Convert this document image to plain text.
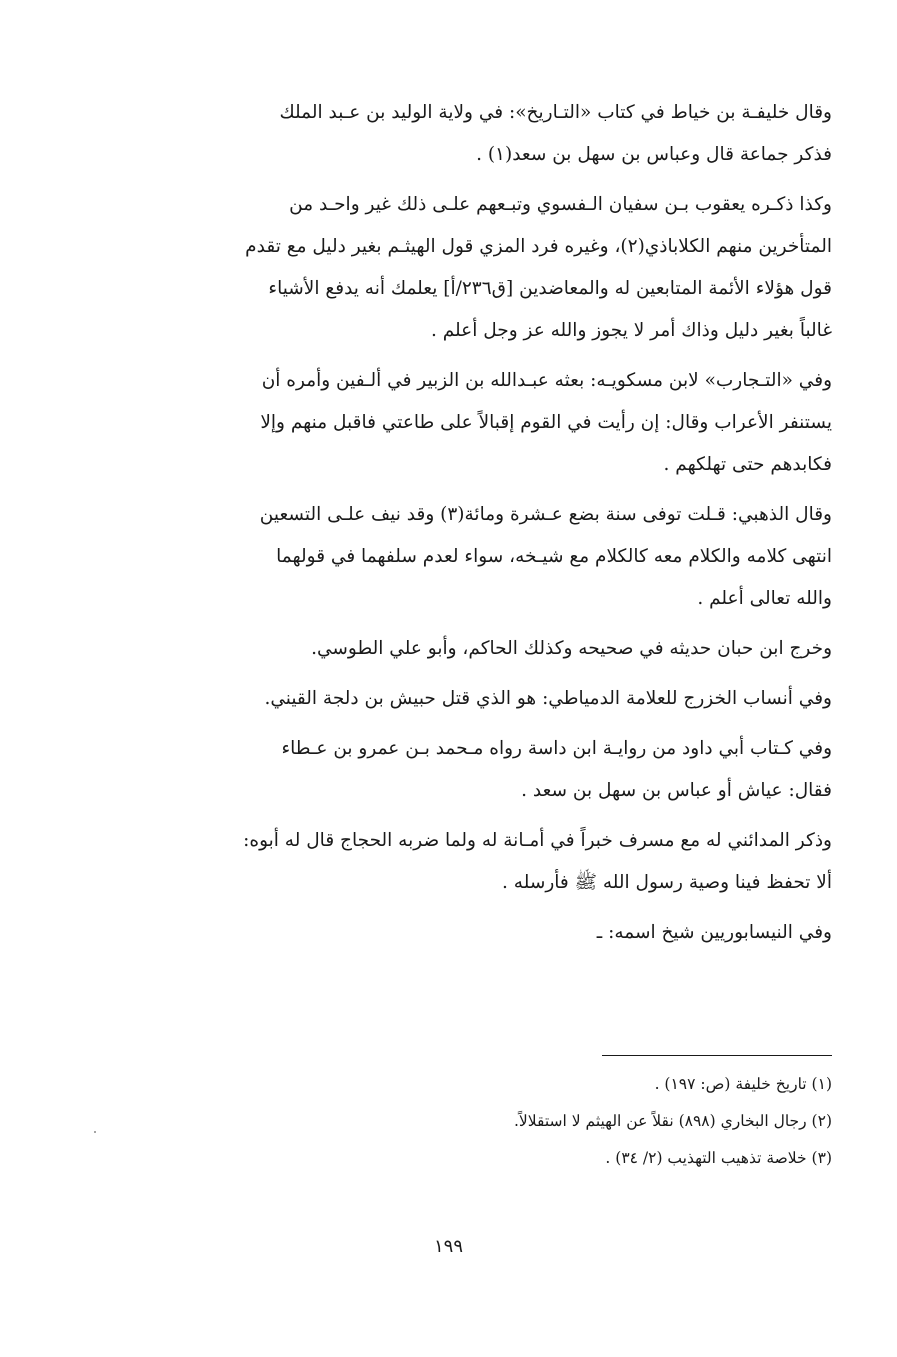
وقال خليفـة بن خياط في كتاب «التـاريخ»: في ولاية الوليد بن عـبد الملك
فذكر جماعة قال وعباس بن سهل بن سعد(١) .

وكذا ذكـره يعقوب بـن سفيان الـفسوي وتبـعهم علـى ذلك غير واحـد من
المتأخرين منهم الكلاباذي(٢)، وغيره فرد المزي قول الهيثـم بغير دليل مع تقدم
قول هؤلاء الأئمة المتابعين له والمعاضدين [ق٢٣٦/أ] يعلمك أنه يدفع الأشياء
غالباً بغير دليل وذاك أمر لا يجوز والله عز وجل أعلم .

وفي «التـجارب» لابن مسكويـه: بعثه عبـدالله بن الزبير في ألـفين وأمره أن
يستنفر الأعراب وقال: إن رأيت في القوم إقبالاً على طاعتي فاقبل منهم وإلا
فكابدهم حتى تهلكهم .

وقال الذهبي: قـلت توفى سنة بضع عـشرة ومائة(٣) وقد نيف علـى التسعين
انتهى كلامه والكلام معه كالكلام مع شيـخه، سواء لعدم سلفهما في قولهما
والله تعالى أعلم .

وخرج ابن حبان حديثه في صحيحه وكذلك الحاكم، وأبو علي الطوسي.

وفي أنساب الخزرج للعلامة الدمياطي: هو الذي قتل حبيش بن دلجة القيني.

وفي كـتاب أبي داود من روايـة ابن داسة رواه مـحمد بـن عمرو بن عـطاء
فقال: عياش أو عباس بن سهل بن سعد .

وذكر المدائني له مع مسرف خبراً في أمـانة له ولما ضربه الحجاج قال له أبوه:
ألا تحفظ فينا وصية رسول الله ﷺ فأرسله .

وفي النيسابوريين شيخ اسمه: ـ

(١) تاريخ خليفة (ص: ١٩٧) .

(٢) رجال البخاري (٨٩٨) نقلاً عن الهيثم لا استقلالاً.

(٣) خلاصة تذهيب التهذيب (٢/ ٣٤) .

١٩٩
